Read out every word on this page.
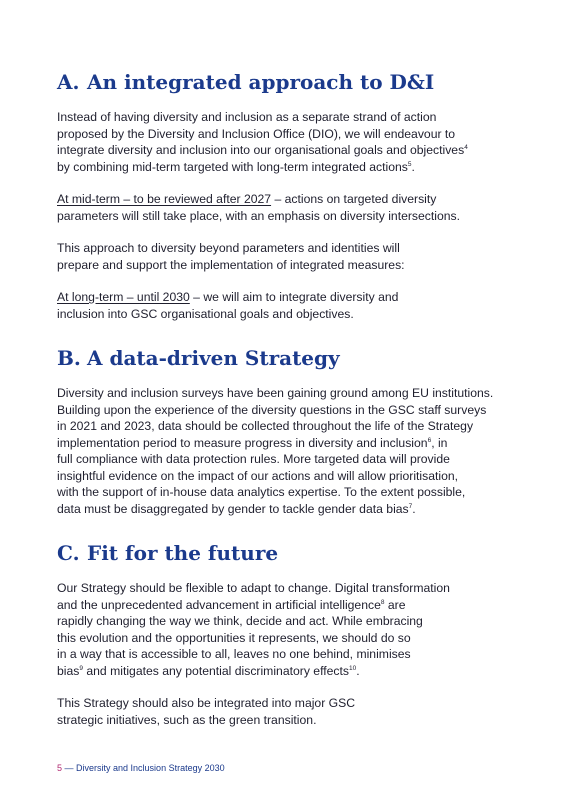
A. An integrated approach to D&I

Instead of having diversity and inclusion as a separate strand of action
proposed by the Diversity and Inclusion Office (DIO), we will endeavour to
integrate diversity and inclusion into our organisational goals and objectives$^4$
by combining mid-term targeted with long-term integrated actions$^5$.

At mid-term – to be reviewed after 2027 – actions on targeted diversity
parameters will still take place, with an emphasis on diversity intersections.

This approach to diversity beyond parameters and identities will
prepare and support the implementation of integrated measures:

At long-term – until 2030 – we will aim to integrate diversity and
inclusion into GSC organisational goals and objectives.

B. A data-driven Strategy

Diversity and inclusion surveys have been gaining ground among EU institutions.
Building upon the experience of the diversity questions in the GSC staff surveys
in 2021 and 2023, data should be collected throughout the life of the Strategy
implementation period to measure progress in diversity and inclusion$^6$, in
full compliance with data protection rules. More targeted data will provide
insightful evidence on the impact of our actions and will allow prioritisation,
with the support of in-house data analytics expertise. To the extent possible,
data must be disaggregated by gender to tackle gender data bias$^7$.

C. Fit for the future

Our Strategy should be flexible to adapt to change. Digital transformation
and the unprecedented advancement in artificial intelligence$^8$ are
rapidly changing the way we think, decide and act. While embracing
this evolution and the opportunities it represents, we should do so
in a way that is accessible to all, leaves no one behind, minimises
bias$^9$ and mitigates any potential discriminatory effects$^{10}$.

This Strategy should also be integrated into major GSC
strategic initiatives, such as the green transition.

5 — Diversity and Inclusion Strategy 2030
